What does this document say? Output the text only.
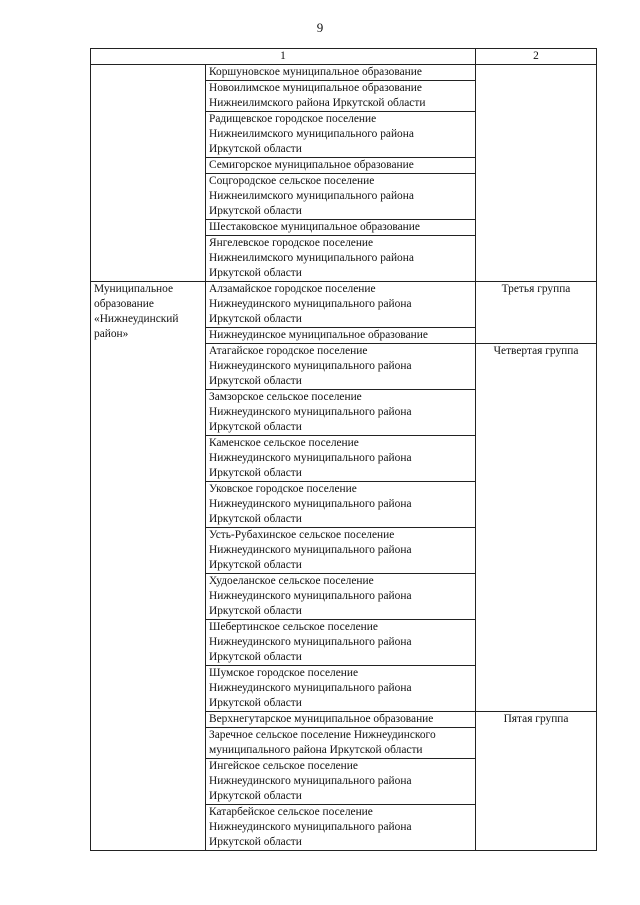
9
1		2
	Коршуновское муниципальное образование	
	Новоилимское муниципальное образование
Нижнеилимского района Иркутской области	
	Радищевское городское поселение
Нижнеилимского муниципального района
Иркутской области	
	Семигорское муниципальное образование	
	Соцгородское сельское поселение
Нижнеилимского муниципального района
Иркутской области	
	Шестаковское муниципальное образование	
	Янгелевское городское поселение
Нижнеилимского муниципального района
Иркутской области	
Муниципальное
образование
«Нижнеудинский
район»	Алзамайское городское поселение
Нижнеудинского муниципального района
Иркутской области	Третья группа
	Нижнеудинское муниципальное образование	
	Атагайское городское поселение
Нижнеудинского муниципального района
Иркутской области	Четвертая группа
	Замзорское сельское поселение
Нижнеудинского муниципального района
Иркутской области	
	Каменское сельское поселение
Нижнеудинского муниципального района
Иркутской области	
	Уковское городское поселение
Нижнеудинского муниципального района
Иркутской области	
	Усть-Рубахинское сельское поселение
Нижнеудинского муниципального района
Иркутской области	
	Худоеланское сельское поселение
Нижнеудинского муниципального района
Иркутской области	
	Шебертинское сельское поселение
Нижнеудинского муниципального района
Иркутской области	
	Шумское городское поселение
Нижнеудинского муниципального района
Иркутской области	
	Верхнегутарское муниципальное образование	Пятая группа
	Заречное сельское поселение Нижнеудинского
муниципального района Иркутской области	
	Ингейское сельское поселение
Нижнеудинского муниципального района
Иркутской области	
	Катарбейское сельское поселение
Нижнеудинского муниципального района
Иркутской области	
